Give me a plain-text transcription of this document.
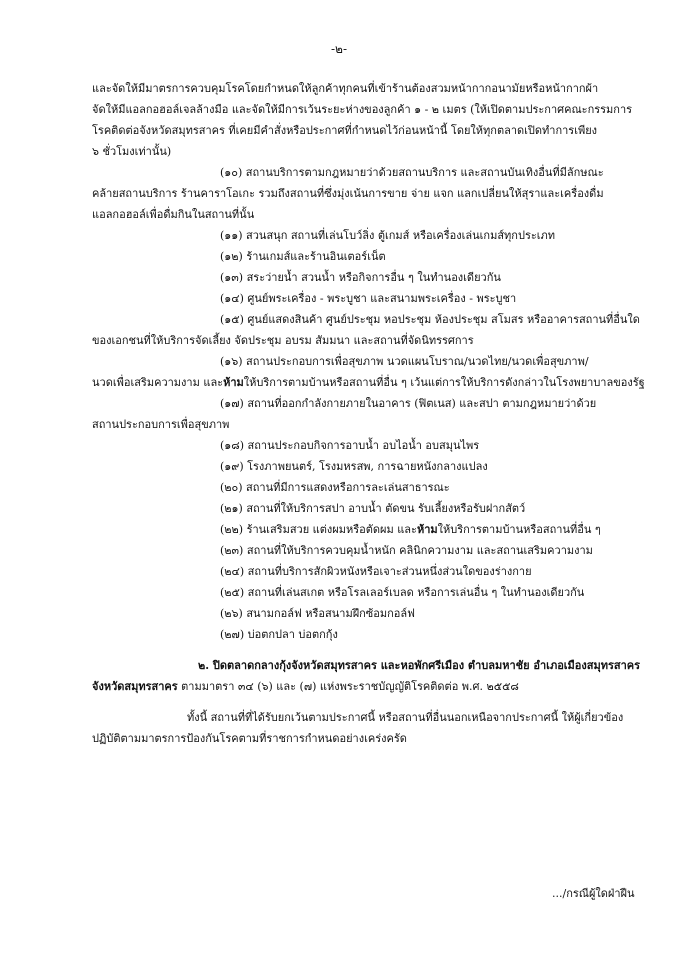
-๒-

และจัดให้มีมาตรการควบคุมโรคโดยกำหนดให้ลูกค้าทุกคนที่เข้าร้านต้องสวมหน้ากากอนามัยหรือหน้ากากผ้า

จัดให้มีแอลกอฮอล์เจลล้างมือ และจัดให้มีการเว้นระยะห่างของลูกค้า ๑ - ๒ เมตร (ให้เปิดตามประกาศคณะกรรมการ

โรคติดต่อจังหวัดสมุทรสาคร ที่เคยมีคำสั่งหรือประกาศที่กำหนดไว้ก่อนหน้านี้ โดยให้ทุกตลาดเปิดทำการเพียง

๖ ชั่วโมงเท่านั้น)

(๑๐) สถานบริการตามกฎหมายว่าด้วยสถานบริการ และสถานบันเทิงอื่นที่มีลักษณะ

คล้ายสถานบริการ ร้านคาราโอเกะ รวมถึงสถานที่ซึ่งมุ่งเน้นการขาย จ่าย แจก แลกเปลี่ยนให้สุราและเครื่องดื่ม

แอลกอฮอล์เพื่อดื่มกินในสถานที่นั้น

(๑๑) สวนสนุก สถานที่เล่นโบว์ลิ่ง ตู้เกมส์ หรือเครื่องเล่นเกมส์ทุกประเภท

(๑๒) ร้านเกมส์และร้านอินเตอร์เน็ต

(๑๓) สระว่ายน้ำ สวนน้ำ หรือกิจการอื่น ๆ ในทำนองเดียวกัน

(๑๔) ศูนย์พระเครื่อง - พระบูชา และสนามพระเครื่อง - พระบูชา

(๑๕) ศูนย์แสดงสินค้า ศูนย์ประชุม หอประชุม ห้องประชุม สโมสร หรืออาคารสถานที่อื่นใด

ของเอกชนที่ให้บริการจัดเลี้ยง จัดประชุม อบรม สัมมนา และสถานที่จัดนิทรรศการ

(๑๖) สถานประกอบการเพื่อสุขภาพ นวดแผนโบราณ/นวดไทย/นวดเพื่อสุขภาพ/

นวดเพื่อเสริมความงาม และห้ามให้บริการตามบ้านหรือสถานที่อื่น ๆ เว้นแต่การให้บริการดังกล่าวในโรงพยาบาลของรัฐ

(๑๗) สถานที่ออกกำลังกายภายในอาคาร (ฟิตเนส) และสปา ตามกฎหมายว่าด้วย

สถานประกอบการเพื่อสุขภาพ

(๑๘) สถานประกอบกิจการอาบน้ำ อบไอน้ำ อบสมุนไพร

(๑๙) โรงภาพยนตร์, โรงมหรสพ, การฉายหนังกลางแปลง

(๒๐) สถานที่มีการแสดงหรือการละเล่นสาธารณะ

(๒๑) สถานที่ให้บริการสปา อาบน้ำ ตัดขน รับเลี้ยงหรือรับฝากสัตว์

(๒๒) ร้านเสริมสวย แต่งผมหรือตัดผม และห้ามให้บริการตามบ้านหรือสถานที่อื่น ๆ

(๒๓) สถานที่ให้บริการควบคุมน้ำหนัก คลินิกความงาม และสถานเสริมความงาม

(๒๔) สถานที่บริการสักผิวหนังหรือเจาะส่วนหนึ่งส่วนใดของร่างกาย

(๒๕) สถานที่เล่นสเกต หรือโรลเลอร์เบลด หรือการเล่นอื่น ๆ ในทำนองเดียวกัน

(๒๖) สนามกอล์ฟ หรือสนามฝึกซ้อมกอล์ฟ

(๒๗) บ่อตกปลา บ่อตกกุ้ง

๒. ปิดตลาดกลางกุ้งจังหวัดสมุทรสาคร และหอพักศรีเมือง ตำบลมหาชัย อำเภอเมืองสมุทรสาคร

จังหวัดสมุทรสาคร ตามมาตรา ๓๔ (๖) และ (๗) แห่งพระราชบัญญัติโรคติดต่อ พ.ศ. ๒๕๕๘

ทั้งนี้ สถานที่ที่ได้รับยกเว้นตามประกาศนี้ หรือสถานที่อื่นนอกเหนือจากประกาศนี้ ให้ผู้เกี่ยวข้อง

ปฏิบัติตามมาตรการป้องกันโรคตามที่ราชการกำหนดอย่างเคร่งครัด

.../กรณีผู้ใดฝ่าฝืน
